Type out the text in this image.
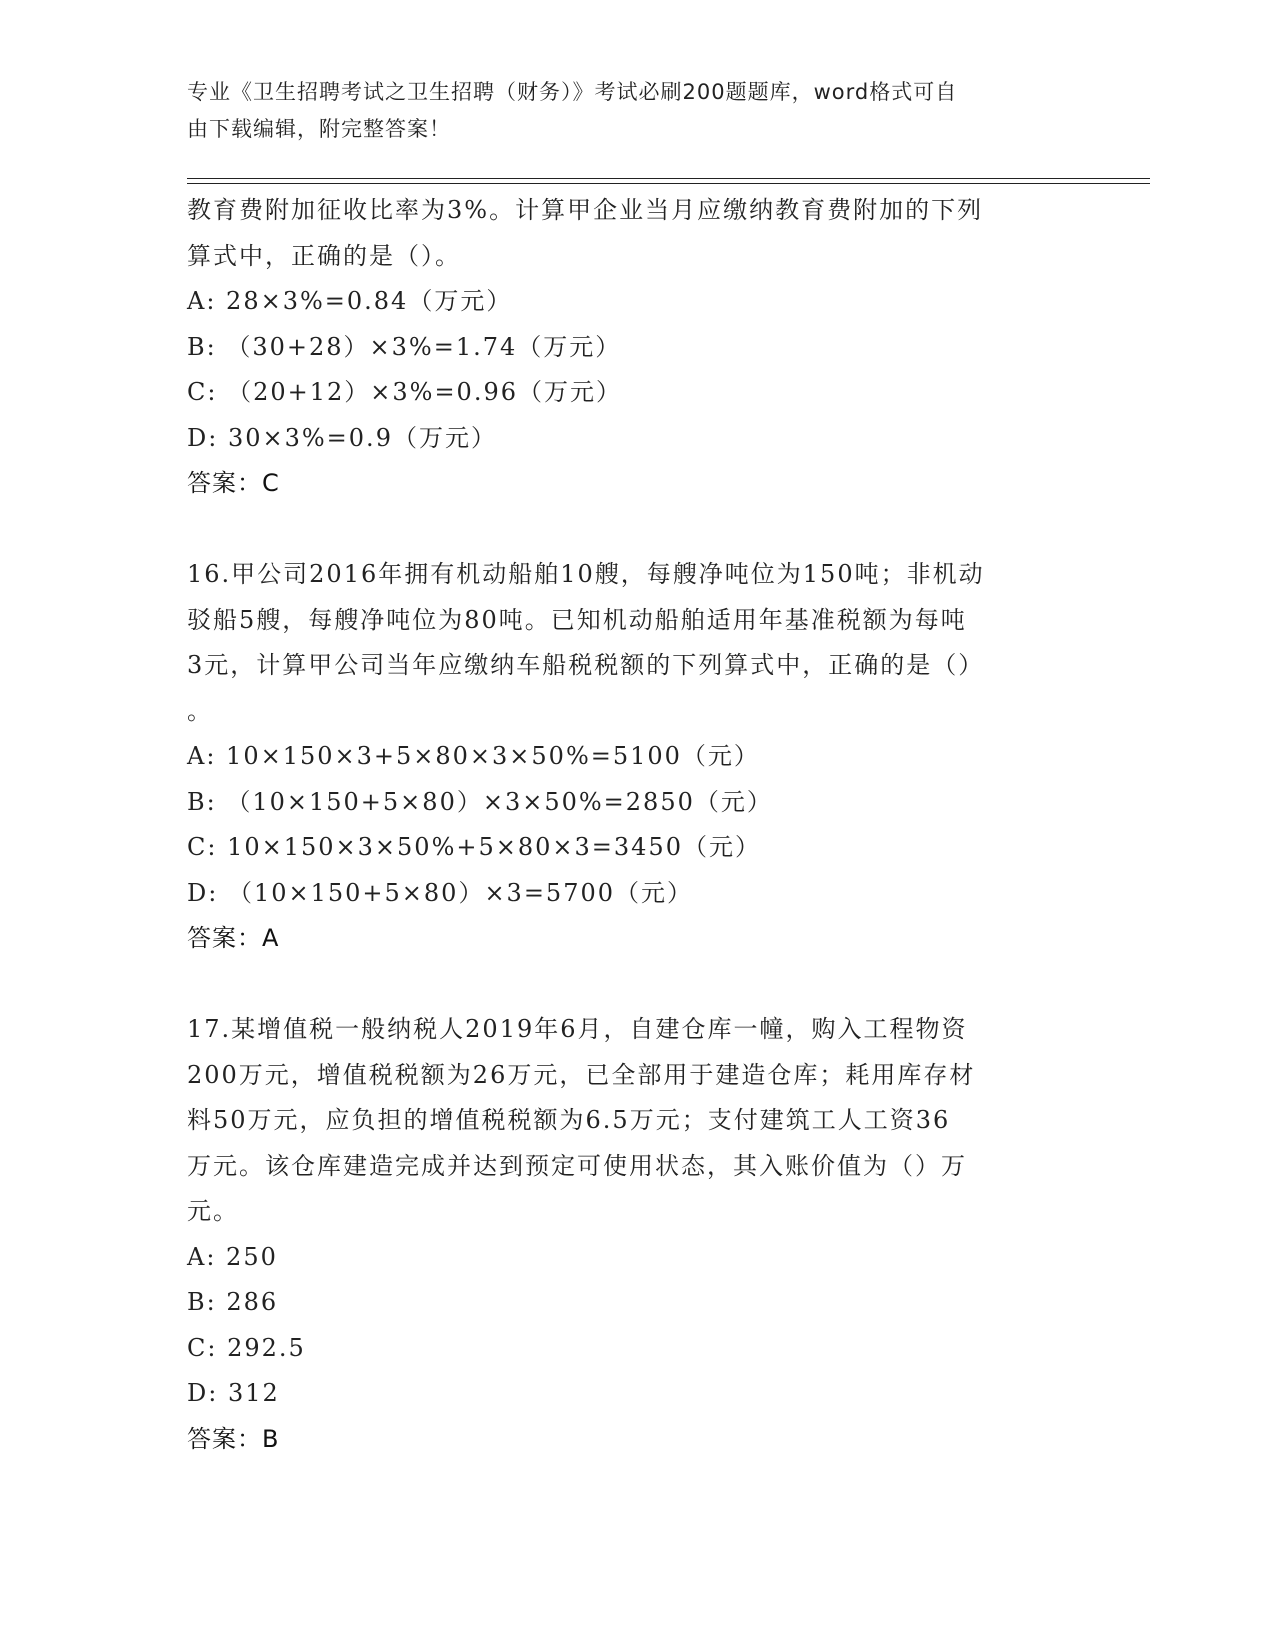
专业《卫生招聘考试之卫生招聘（财务）》考试必刷200题题库，word格式可自
由下载编辑，附完整答案！
教育费附加征收比率为3%。计算甲企业当月应缴纳教育费附加的下列
算式中，正确的是（）。
A: 28×3%=0.84（万元）
B: （30+28）×3%=1.74（万元）
C: （20+12）×3%=0.96（万元）
D: 30×3%=0.9（万元）
答案：C
16.甲公司2016年拥有机动船舶10艘，每艘净吨位为150吨；非机动
驳船5艘，每艘净吨位为80吨。已知机动船舶适用年基准税额为每吨
3元，计算甲公司当年应缴纳车船税税额的下列算式中，正确的是（）
。
A: 10×150×3+5×80×3×50%=5100（元）
B: （10×150+5×80）×3×50%=2850（元）
C: 10×150×3×50%+5×80×3=3450（元）
D: （10×150+5×80）×3=5700（元）
答案：A
17.某增值税一般纳税人2019年6月，自建仓库一幢，购入工程物资
200万元，增值税税额为26万元，已全部用于建造仓库；耗用库存材
料50万元，应负担的增值税税额为6.5万元；支付建筑工人工资36
万元。该仓库建造完成并达到预定可使用状态，其入账价值为（）万
元。
A: 250
B: 286
C: 292.5
D: 312
答案：B
